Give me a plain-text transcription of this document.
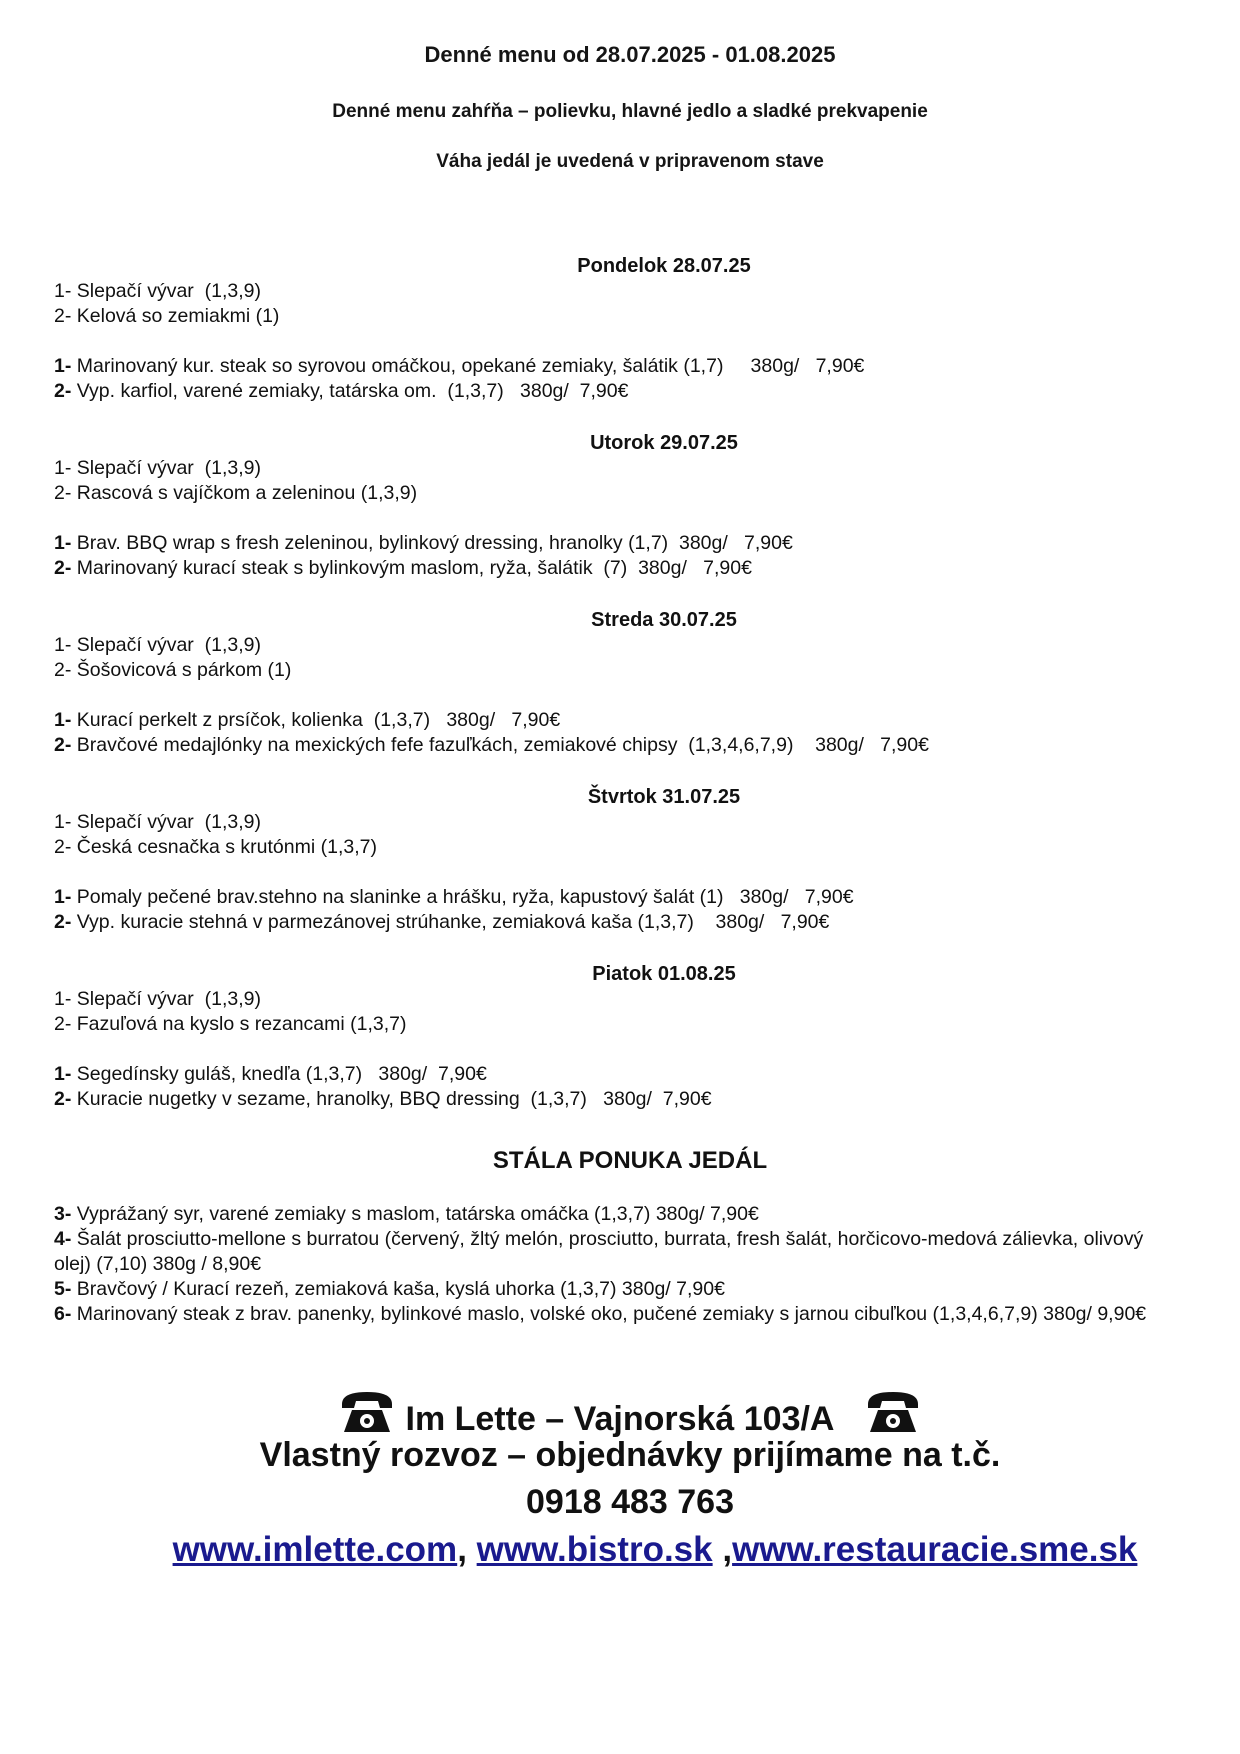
Denné menu od 28.07.2025 - 01.08.2025
Denné menu zahŕňa – polievku, hlavné jedlo a sladké prekvapenie
Váha jedál je uvedená v pripravenom stave
Pondelok 28.07.25
1- Slepačí vývar  (1,3,9)
2- Kelová so zemiakmi (1)
1- Marinovaný kur. steak so syrovou omáčkou, opekané zemiaky, šalátik (1,7)     380g/   7,90€
2- Vyp. karfiol, varené zemiaky, tatárska om.  (1,3,7)   380g/  7,90€
Utorok 29.07.25
1- Slepačí vývar  (1,3,9)
2- Rascová s vajíčkom a zeleninou (1,3,9)
1- Brav. BBQ wrap s fresh zeleninou, bylinkový dressing, hranolky (1,7)  380g/   7,90€
2- Marinovaný kurací steak s bylinkovým maslom, ryža, šalátik  (7)  380g/   7,90€
Streda 30.07.25
1- Slepačí vývar  (1,3,9)
2- Šošovicová s párkom (1)
1- Kurací perkelt z prsíčok, kolienka  (1,3,7)   380g/   7,90€
2- Bravčové medajlónky na mexických fefe fazuľkách, zemiakové chipsy  (1,3,4,6,7,9)    380g/   7,90€
Štvrtok 31.07.25
1- Slepačí vývar  (1,3,9)
2- Česká cesnačka s krutónmi (1,3,7)
1- Pomaly pečené brav.stehno na slaninke a hrášku, ryža, kapustový šalát (1)   380g/   7,90€
2- Vyp. kuracie stehná v parmezánovej strúhanke, zemiaková kaša (1,3,7)    380g/   7,90€
Piatok 01.08.25
1- Slepačí vývar  (1,3,9)
2- Fazuľová na kyslo s rezancami (1,3,7)
1- Segedínsky guláš, knedľa (1,3,7)   380g/  7,90€
2- Kuracie nugetky v sezame, hranolky, BBQ dressing  (1,3,7)   380g/  7,90€
STÁLA PONUKA JEDÁL
3- Vyprážaný syr, varené zemiaky s maslom, tatárska omáčka (1,3,7) 380g/ 7,90€
4- Šalát prosciutto-mellone s burratou (červený, žltý melón, prosciutto, burrata, fresh šalát, horčicovo-medová zálievka, olivový olej) (7,10) 380g / 8,90€
5- Bravčový / Kurací rezeň, zemiaková kaša, kyslá uhorka (1,3,7) 380g/ 7,90€
6- Marinovaný steak z brav. panenky, bylinkové maslo, volské oko, pučené zemiaky s jarnou cibuľkou (1,3,4,6,7,9) 380g/ 9,90€
Im Lette – Vajnorská 103/A
Vlastný rozvoz – objednávky prijímame na t.č.
0918 483 763
www.imlette.com, www.bistro.sk ,www.restauracie.sme.sk
